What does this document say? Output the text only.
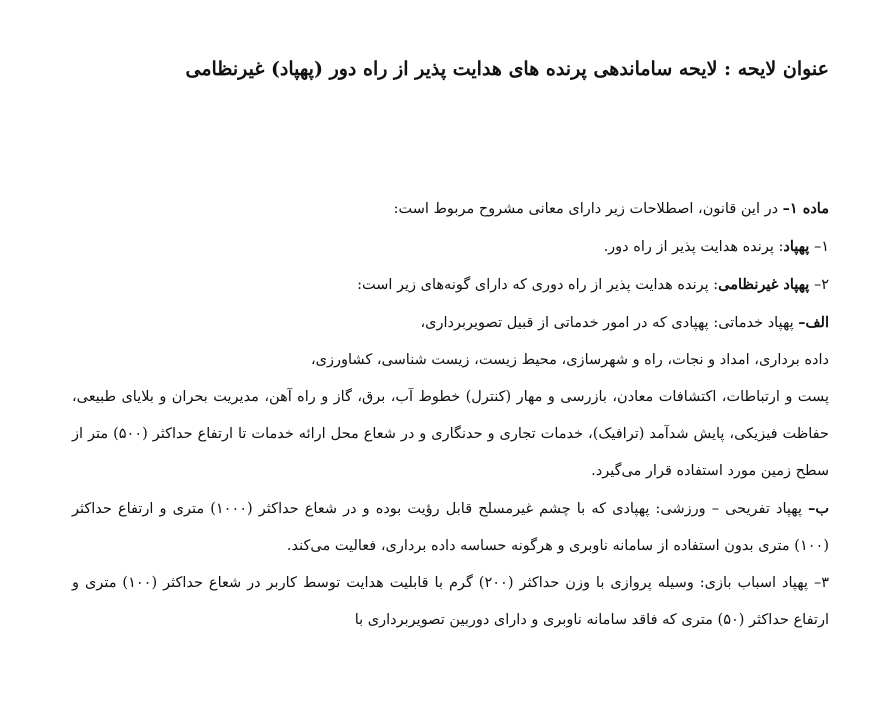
عنوان لایحه : لایحه ساماندهی پرنده های هدایت پذیر از راه دور (پهپاد) غیرنظامی

ماده ۱– در این قانون، اصطلاحات زیر دارای معانی مشروح مربوط است:

۱– پهپاد: پرنده هدایت پذیر از راه دور.

۲– پهپاد غیرنظامی: پرنده هدایت پذیر از راه دوری که دارای گونه‌های زیر است:

الف– پهپاد خدماتی: پهپادی که در امور خدماتی از قبیل تصویربرداری،

داده برداری، امداد و نجات، راه و شهرسازی، محیط زیست، زیست شناسی، کشاورزی،

پست و ارتباطات، اکتشافات معادن، بازرسی و مهار (کنترل) خطوط آب، برق، گاز و راه آهن، مدیریت بحران و بلایای طبیعی، حفاظت فیزیکی، پایش شدآمد (ترافیک)، خدمات تجاری و حدنگاری و در شعاع محل ارائه خدمات تا ارتفاع حداکثر (۵۰۰) متر از سطح زمین مورد استفاده قرار می‌گیرد.

ب– پهپاد تفریحی – ورزشی: پهپادی که با چشم غیرمسلح قابل رؤیت بوده و در شعاع حداکثر (۱۰۰۰) متری و ارتفاع حداکثر (۱۰۰) متری بدون استفاده از سامانه ناوبری و هرگونه حساسه داده برداری، فعالیت می‌کند.

۳– پهپاد اسباب بازی: وسیله پروازی با وزن حداکثر (۲۰۰) گرم با قابلیت هدایت توسط کاربر در شعاع حداکثر (۱۰۰) متری و ارتفاع حداکثر (۵۰) متری که فاقد سامانه ناوبری و دارای دوربین تصویربرداری با
